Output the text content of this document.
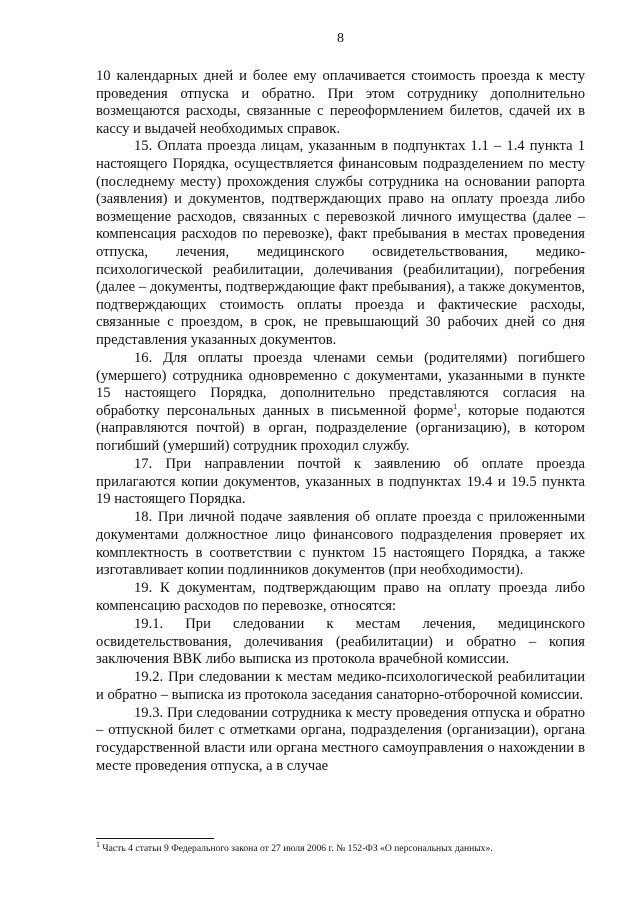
8

10 календарных дней и более ему оплачивается стоимость проезда к месту проведения отпуска и обратно. При этом сотруднику дополнительно возмещаются расходы, связанные с переоформлением билетов, сдачей их в кассу и выдачей необходимых справок.

15. Оплата проезда лицам, указанным в подпунктах 1.1 – 1.4 пункта 1 настоящего Порядка, осуществляется финансовым подразделением по месту (последнему месту) прохождения службы сотрудника на основании рапорта (заявления) и документов, подтверждающих право на оплату проезда либо возмещение расходов, связанных с перевозкой личного имущества (далее – компенсация расходов по перевозке), факт пребывания в местах проведения отпуска, лечения, медицинского освидетельствования, медико-психологической реабилитации, долечивания (реабилитации), погребения (далее – документы, подтверждающие факт пребывания), а также документов, подтверждающих стоимость оплаты проезда и фактические расходы, связанные с проездом, в срок, не превышающий 30 рабочих дней со дня представления указанных документов.

16. Для оплаты проезда членами семьи (родителями) погибшего (умершего) сотрудника одновременно с документами, указанными в пункте 15 настоящего Порядка, дополнительно представляются согласия на обработку персональных данных в письменной форме$^1$, которые подаются (направляются почтой) в орган, подразделение (организацию), в котором погибший (умерший) сотрудник проходил службу.

17. При направлении почтой к заявлению об оплате проезда прилагаются копии документов, указанных в подпунктах 19.4 и 19.5 пункта 19 настоящего Порядка.

18. При личной подаче заявления об оплате проезда с приложенными документами должностное лицо финансового подразделения проверяет их комплектность в соответствии с пунктом 15 настоящего Порядка, а также изготавливает копии подлинников документов (при необходимости).

19. К документам, подтверждающим право на оплату проезда либо компенсацию расходов по перевозке, относятся:

19.1. При следовании к местам лечения, медицинского освидетельствования, долечивания (реабилитации) и обратно – копия заключения ВВК либо выписка из протокола врачебной комиссии.

19.2. При следовании к местам медико-психологической реабилитации и обратно – выписка из протокола заседания санаторно-отборочной комиссии.

19.3. При следовании сотрудника к месту проведения отпуска и обратно – отпускной билет с отметками органа, подразделения (организации), органа государственной власти или органа местного самоуправления о нахождении в месте проведения отпуска, а в случае

$^1$ Часть 4 статьи 9 Федерального закона от 27 июля 2006 г. № 152-ФЗ «О персональных данных».
